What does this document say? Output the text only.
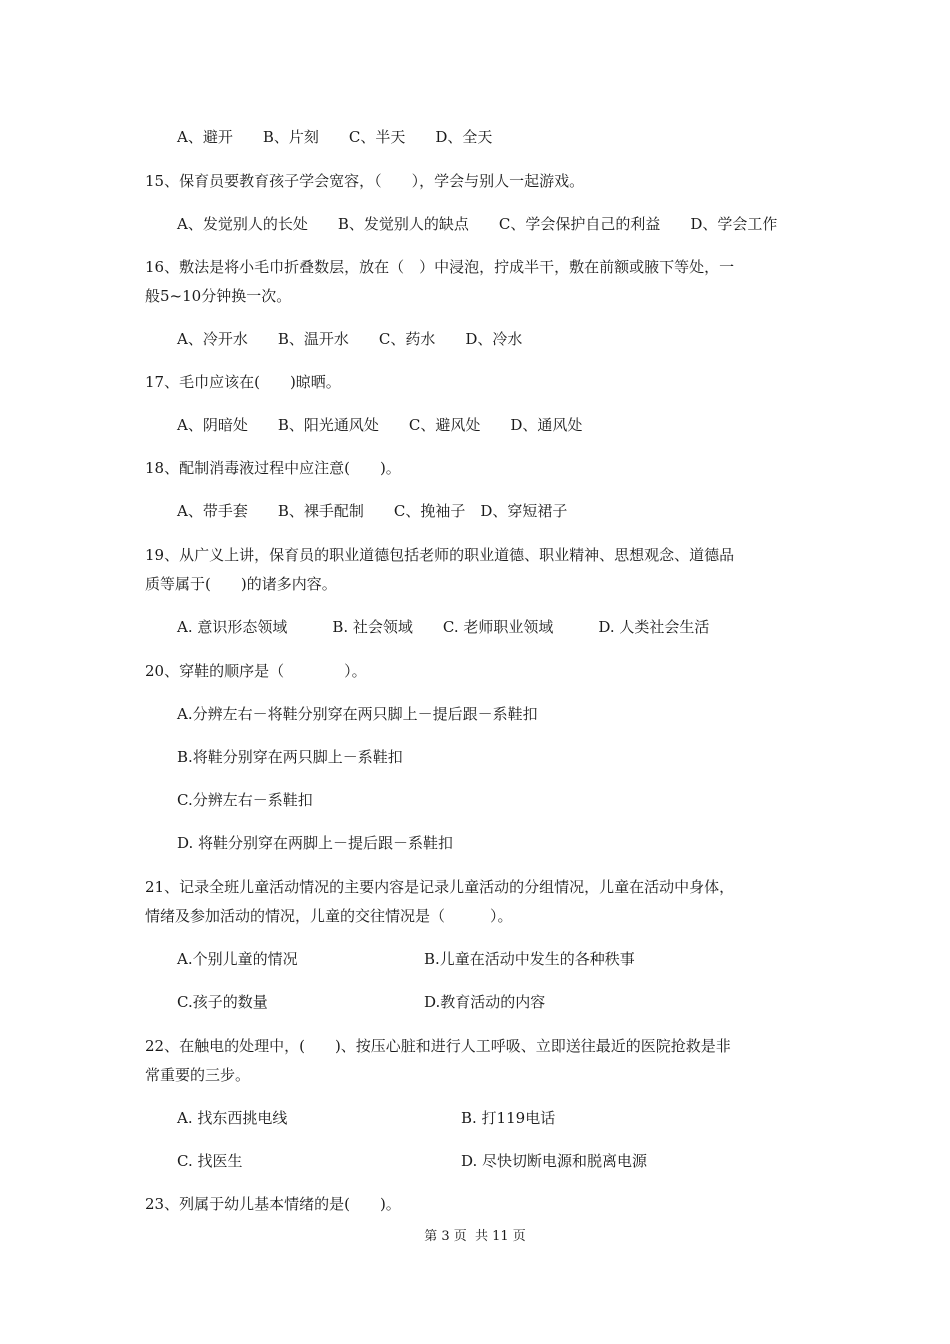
A、避开　　B、片刻　　C、半天　　D、全天
15、保育员要教育孩子学会宽容，（　　），学会与别人一起游戏。
A、发觉别人的长处　　B、发觉别人的缺点　　C、学会保护自己的利益　　D、学会工作
16、敷法是将小毛巾折叠数层，放在（　）中浸泡，拧成半干，敷在前额或腋下等处，一
般5~10分钟换一次。
A、冷开水　　B、温开水　　C、药水　　D、冷水
17、毛巾应该在(　　)晾晒。
A、阴暗处　　B、阳光通风处　　C、避风处　　D、通风处
18、配制消毒液过程中应注意(　　)。
A、带手套　　B、裸手配制　　C、挽袖子　D、穿短裙子
19、从广义上讲，保育员的职业道德包括老师的职业道德、职业精神、思想观念、道德品
质等属于(　　)的诸多内容。
A. 意识形态领域　　　B. 社会领域　　C. 老师职业领域　　　D. 人类社会生活
20、穿鞋的顺序是（　　　　）。
A.分辨左右－将鞋分别穿在两只脚上－提后跟－系鞋扣
B.将鞋分别穿在两只脚上－系鞋扣
C.分辨左右－系鞋扣
D. 将鞋分别穿在两脚上－提后跟－系鞋扣
21、记录全班儿童活动情况的主要内容是记录儿童活动的分组情况，儿童在活动中身体，
情绪及参加活动的情况，儿童的交往情况是（　　　）。
A.个别儿童的情况	B.儿童在活动中发生的各种秩事
C.孩子的数量	D.教育活动的内容
22、在触电的处理中，(　　)、按压心脏和进行人工呼吸、立即送往最近的医院抢救是非
常重要的三步。
A. 找东西挑电线	B. 打119电话
C. 找医生	D. 尽快切断电源和脱离电源
23、列属于幼儿基本情绪的是(　　)。
第 3 页  共 11 页
